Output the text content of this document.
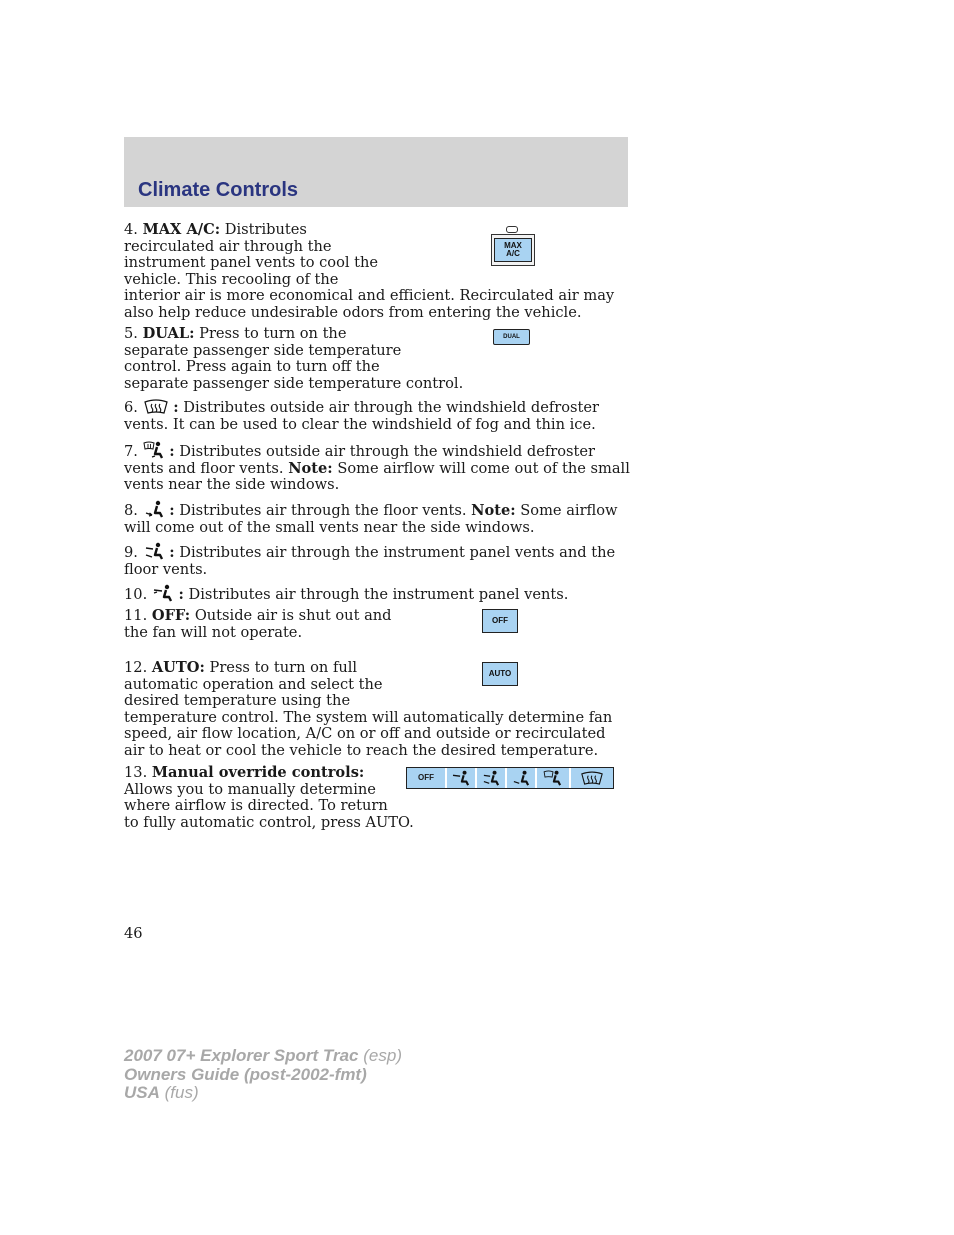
Climate Controls
4. MAX A/C: Distributes
recirculated air through the
instrument panel vents to cool the
vehicle. This recooling of the
interior air is more economical and efficient. Recirculated air may also help reduce undesirable odors from entering the vehicle.
MAX
A/C
5. DUAL: Press to turn on the
separate passenger side temperature
control. Press again to turn off the
separate passenger side temperature control.
DUAL
6. : Distributes outside air through the windshield defroster vents. It can be used to clear the windshield of fog and thin ice.
7. : Distributes outside air through the windshield defroster vents and floor vents. Note: Some airflow will come out of the small vents near the side windows.
8. : Distributes air through the floor vents. Note: Some airflow will come out of the small vents near the side windows.
9. : Distributes air through the instrument panel vents and the floor vents.
10. : Distributes air through the instrument panel vents.
11. OFF: Outside air is shut out and
the fan will not operate.
OFF
12. AUTO: Press to turn on full
automatic operation and select the
desired temperature using the
temperature control. The system will automatically determine fan speed, air flow location, A/C on or off and outside or recirculated air to heat or cool the vehicle to reach the desired temperature.
AUTO
13. Manual override controls:
Allows you to manually determine
where airflow is directed. To return
to fully automatic control, press AUTO.
OFF
46
2007 07+ Explorer Sport Trac (esp)
Owners Guide (post-2002-fmt)
USA (fus)
